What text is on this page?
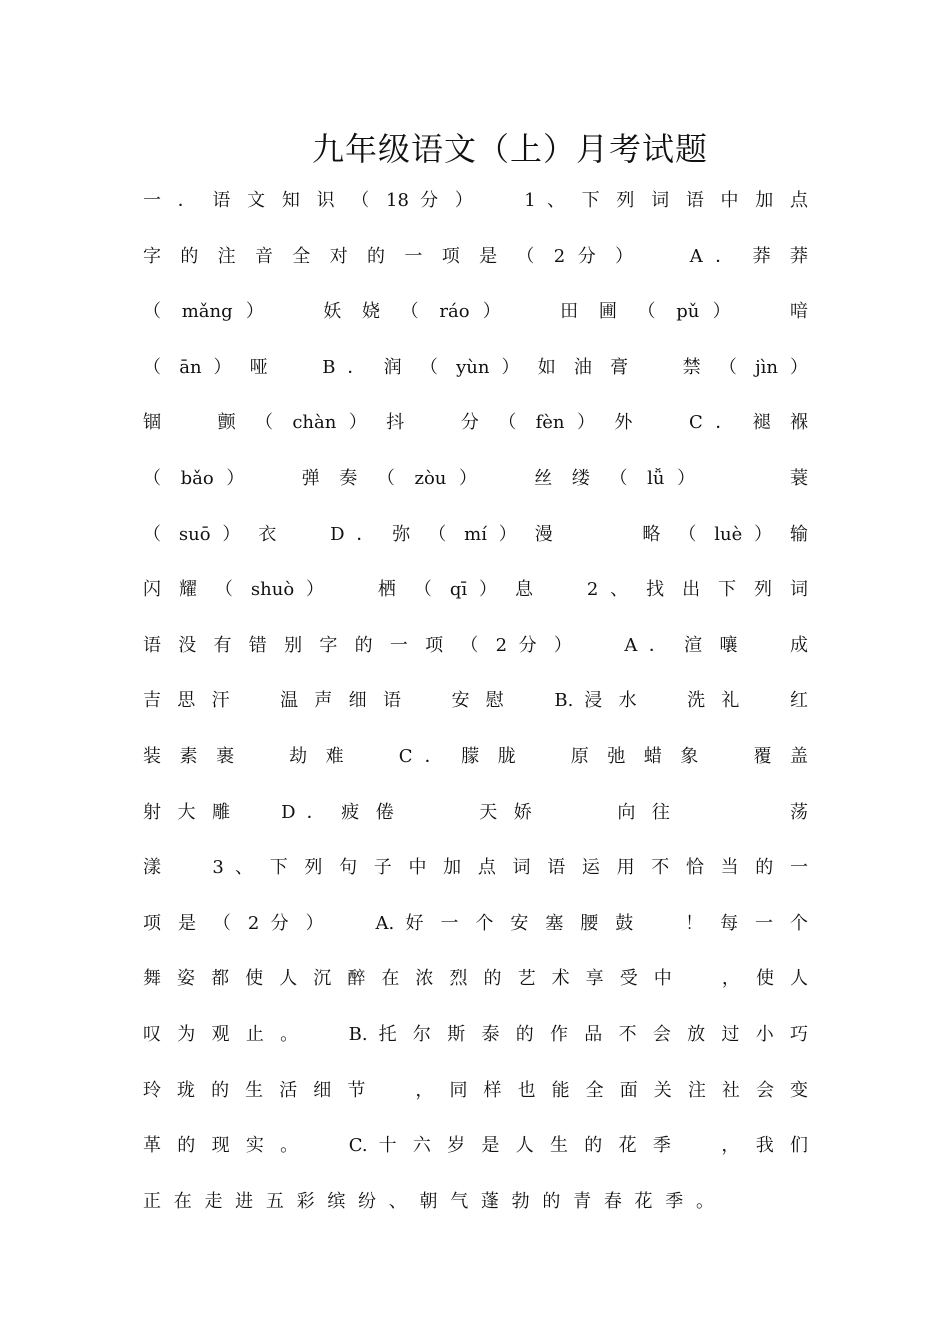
九年级语文（上）月考试题
一 ． 语 文 知 识 （ 18 分 ） 　 1 、 下 列 词 语 中 加 点
字 的 注 音 全 对 的 一 项 是 （ 2 分 ） 　 A ． 莽 莽
（ mǎng ） 　 妖 娆 （ ráo ） 　 田 圃 （ pǔ ） 　 喑
（ ān ） 哑 　 B ． 润 （ yùn ） 如 油 膏 　 禁 （ jìn ）
锢 　 颤 （ chàn ） 抖 　 分 （ fèn ） 外 　 C ． 褪 褓
（ bǎo ） 　 弹 奏 （ zòu ） 　 丝 缕 （ lǚ ） 　 　 蓑
（ suō ） 衣 　 D ． 弥 （ mí ） 漫 　 　 略 （ luè ） 输
闪 耀 （ shuò ） 　 栖 （ qī ） 息 　 2 、 找 出 下 列 词
语 没 有 错 别 字 的 一 项 （ 2 分 ） 　 A ． 渲 嚷 　 成
吉 思 汗 　 温 声 细 语 　 安 慰 　 B. 浸 水 　 洗 礼 　 红
装 素 裹 　 劫 难 　 C ． 朦 胧 　 原 弛 蜡 象 　 覆 盖 　
射 大 雕 　 D ． 疲 倦 　 　 天 娇 　 　 向 往 　 　 　 荡
漾 　 3 、 下 列 句 子 中 加 点 词 语 运 用 不 恰 当 的 一
项 是 （ 2 分 ） 　 A. 好 一 个 安 塞 腰 鼓 　 ！ 每 一 个
舞 姿 都 使 人 沉 醉 在 浓 烈 的 艺 术 享 受 中 　 ， 使 人
叹 为 观 止 。 　 B. 托 尔 斯 泰 的 作 品 不 会 放 过 小 巧
玲 珑 的 生 活 细 节 　 ， 同 样 也 能 全 面 关 注 社 会 变
革 的 现 实 。 　 C. 十 六 岁 是 人 生 的 花 季 　 ， 我 们
正 在 走 进 五 彩 缤 纷 、 朝 气 蓬 勃 的 青 春 花 季 。
